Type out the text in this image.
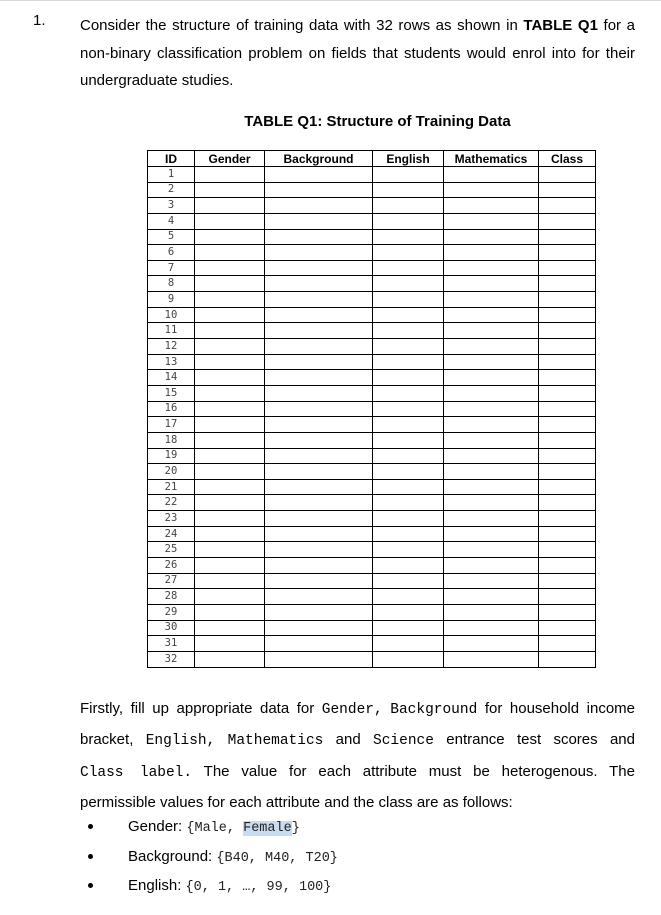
1. Consider the structure of training data with 32 rows as shown in TABLE Q1 for a non-binary classification problem on fields that students would enrol into for their undergraduate studies.
TABLE Q1: Structure of Training Data
ID	Gender	Background	English	Mathematics	Class
1					
2					
3					
4					
5					
6					
7					
8					
9					
10					
11					
12					
13					
14					
15					
16					
17					
18					
19					
20					
21					
22					
23					
24					
25					
26					
27					
28					
29					
30					
31					
32					
Firstly, fill up appropriate data for Gender, Background for household income
bracket, English, Mathematics and Science entrance test scores and
Class label. The value for each attribute must be heterogenous. The
permissible values for each attribute and the class are as follows:
Gender: {Male, Female}
Background: {B40, M40, T20}
English: {0, 1, …, 99, 100}
